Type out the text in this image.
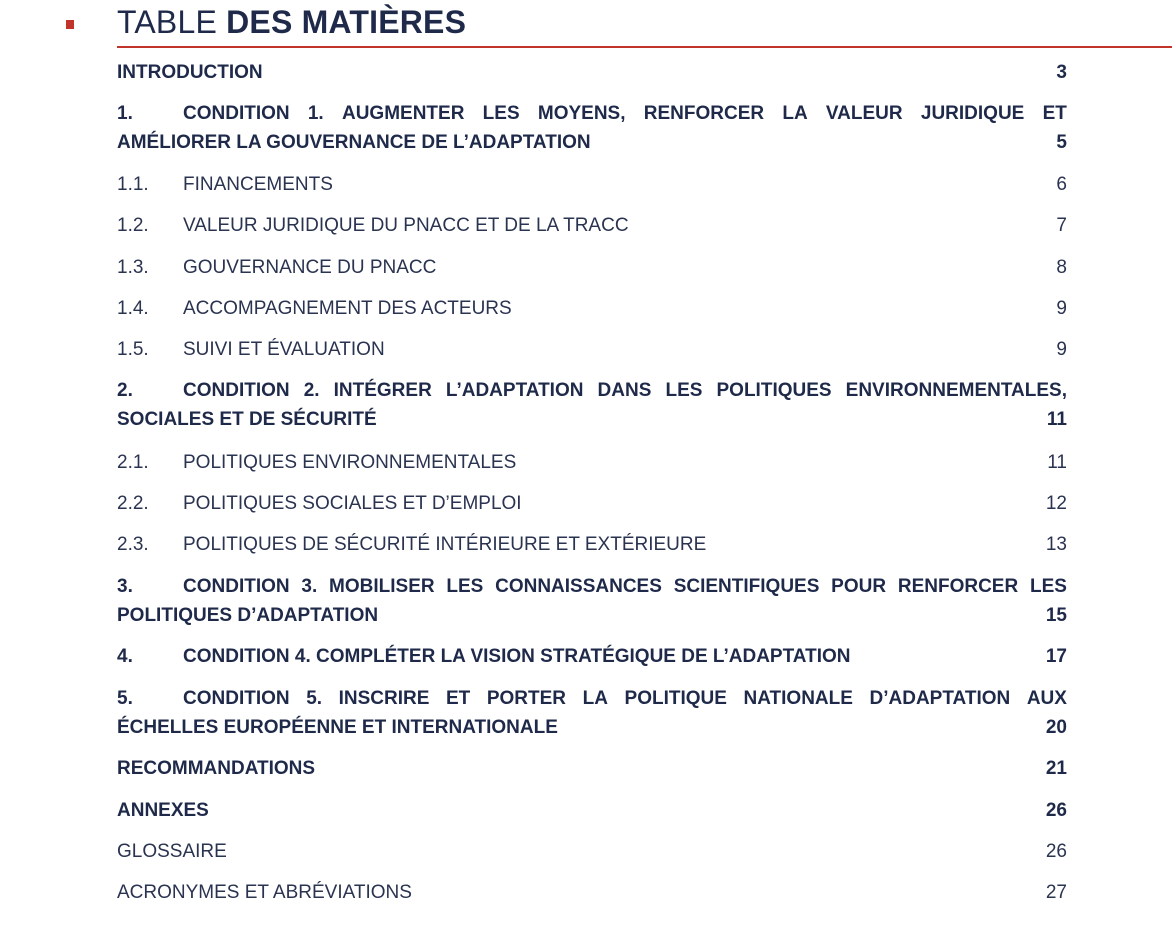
TABLE DES MATIÈRES
INTRODUCTION	3
1.	CONDITION 1. AUGMENTER LES MOYENS, RENFORCER LA VALEUR JURIDIQUE ET
AMÉLIORER LA GOUVERNANCE DE L’ADAPTATION	5
1.1. FINANCEMENTS	6
1.2. VALEUR JURIDIQUE DU PNACC ET DE LA TRACC	7
1.3. GOUVERNANCE DU PNACC	8
1.4. ACCOMPAGNEMENT DES ACTEURS	9
1.5. SUIVI ET ÉVALUATION	9
2.	CONDITION 2. INTÉGRER L’ADAPTATION DANS LES POLITIQUES ENVIRONNEMENTALES,
SOCIALES ET DE SÉCURITÉ	11
2.1. POLITIQUES ENVIRONNEMENTALES	11
2.2. POLITIQUES SOCIALES ET D’EMPLOI	12
2.3. POLITIQUES DE SÉCURITÉ INTÉRIEURE ET EXTÉRIEURE	13
3.	CONDITION 3. MOBILISER LES CONNAISSANCES SCIENTIFIQUES POUR RENFORCER LES
POLITIQUES D’ADAPTATION	15
4.	CONDITION 4. COMPLÉTER LA VISION STRATÉGIQUE DE L’ADAPTATION	17
5.	CONDITION 5. INSCRIRE ET PORTER LA POLITIQUE NATIONALE D’ADAPTATION AUX
ÉCHELLES EUROPÉENNE ET INTERNATIONALE	20
RECOMMANDATIONS	21
ANNEXES	26
GLOSSAIRE	26
ACRONYMES ET ABRÉVIATIONS	27
